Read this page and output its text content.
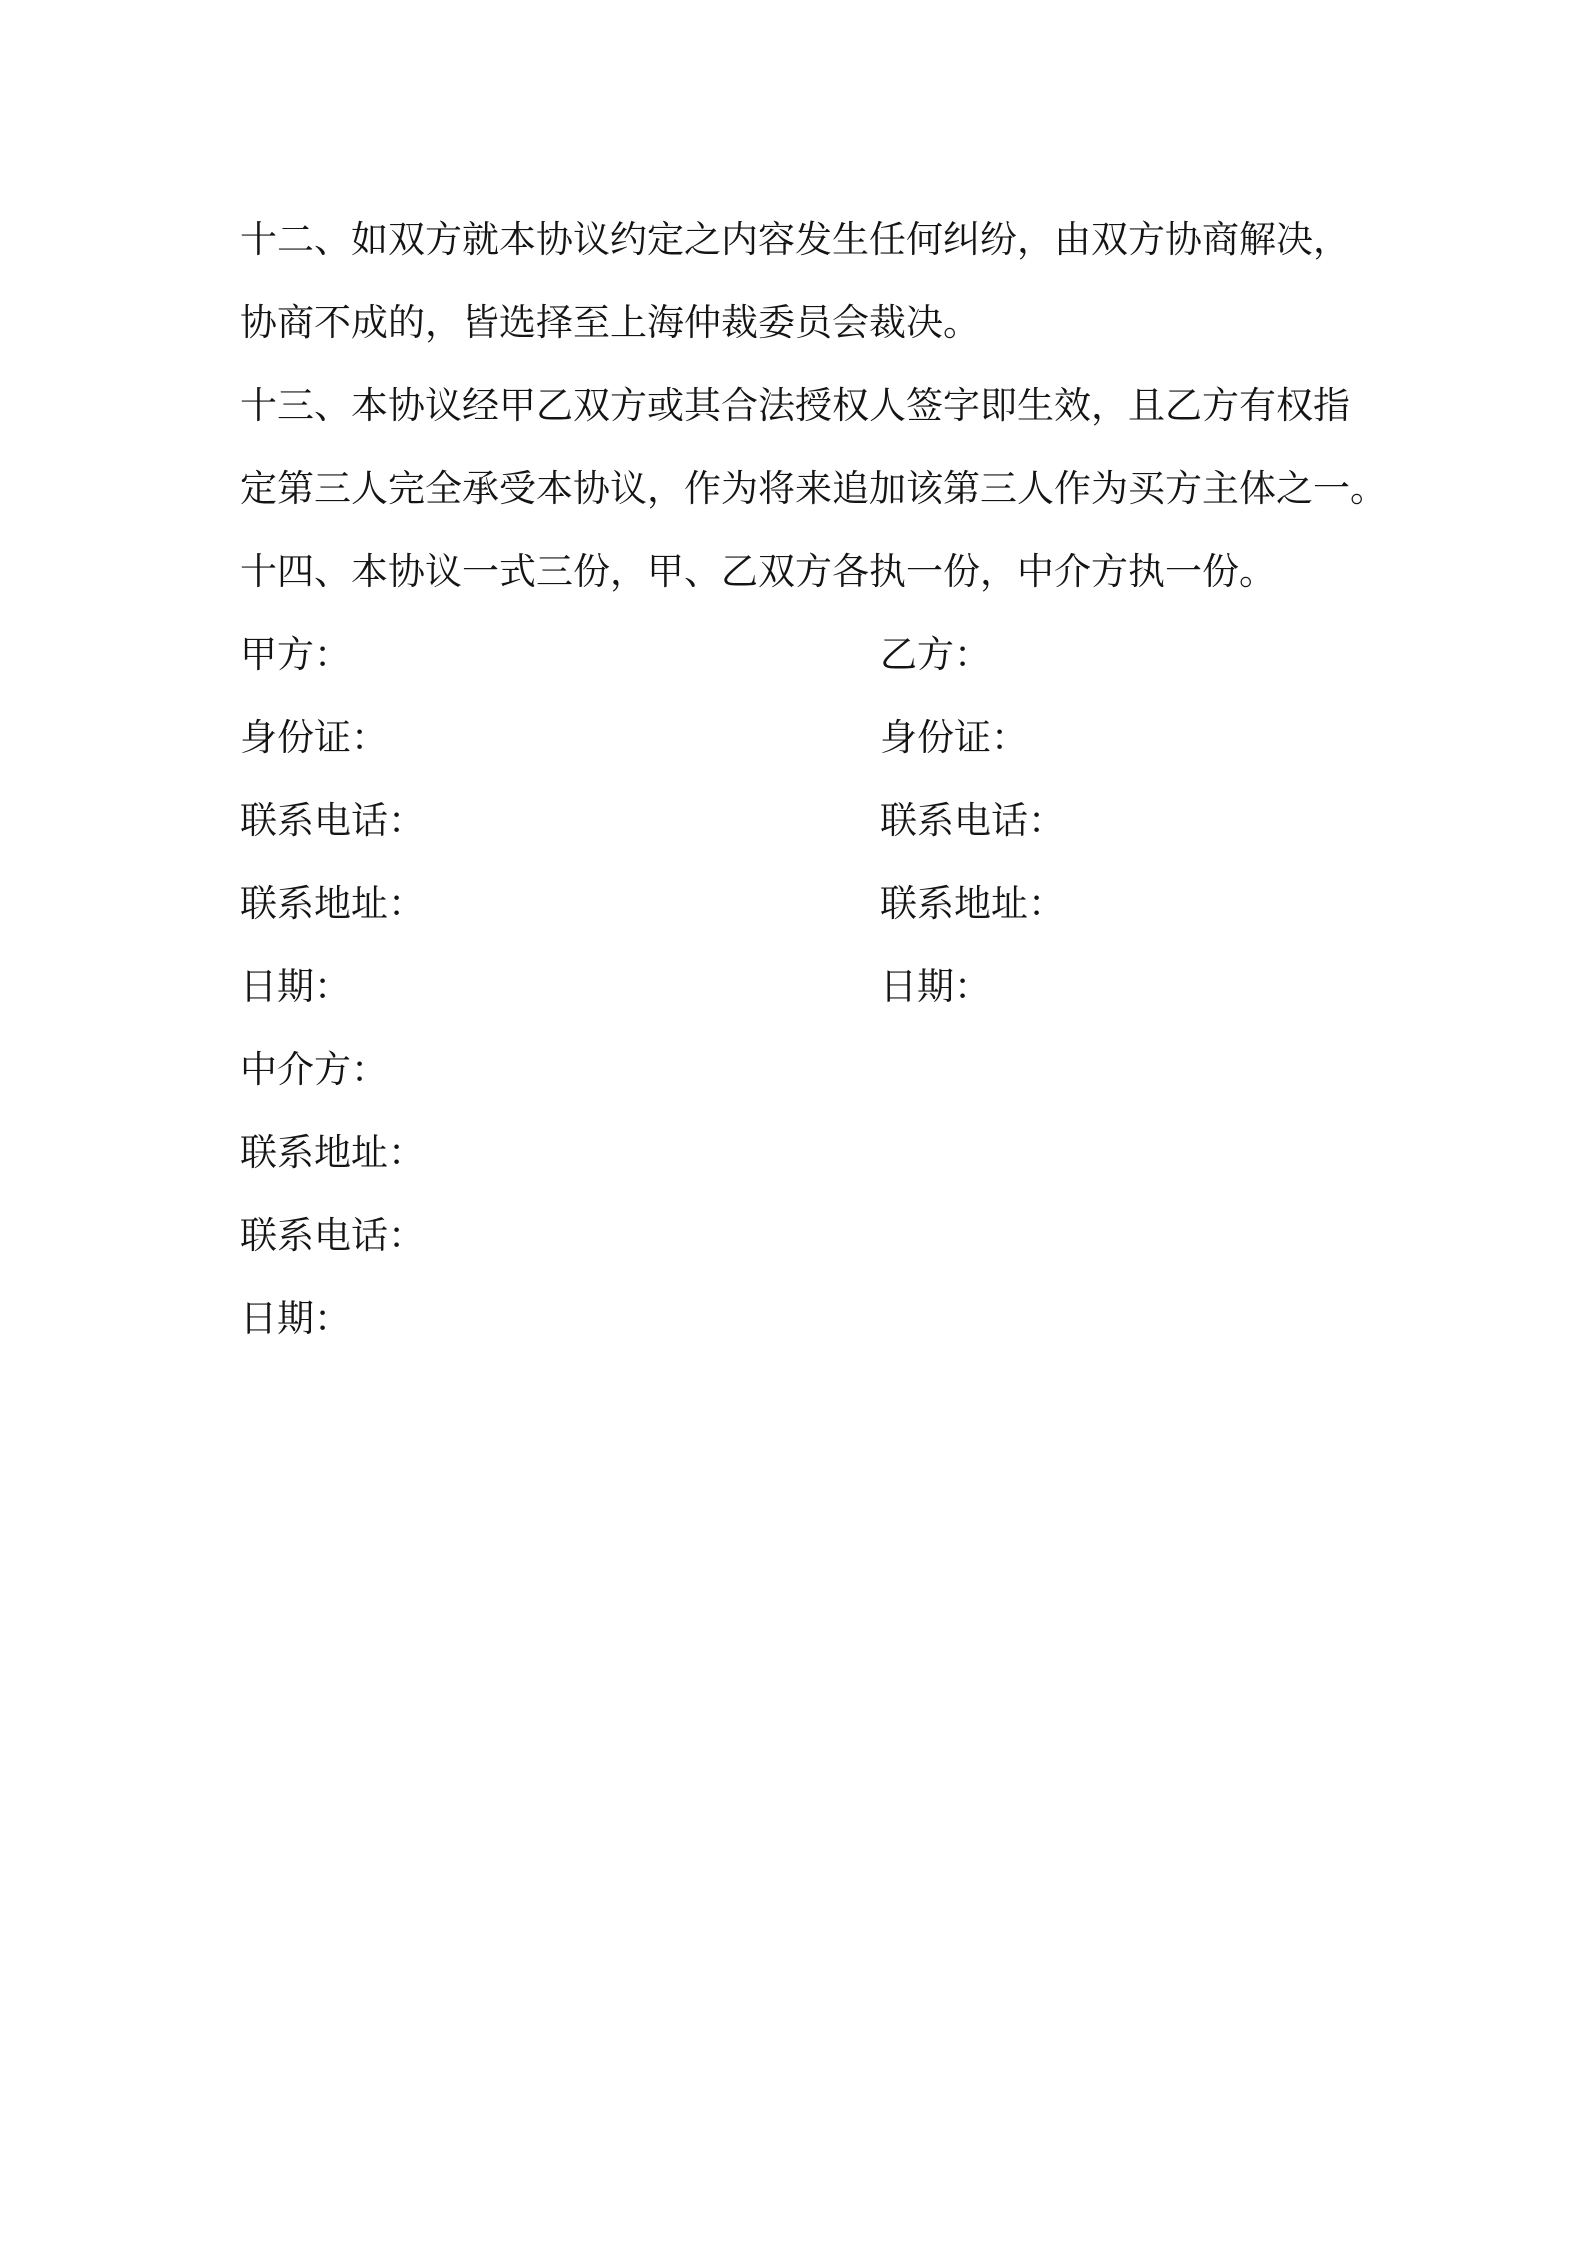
十二、如双方就本协议约定之内容发生任何纠纷，由双方协商解决，
协商不成的，皆选择至上海仲裁委员会裁决。
十三、本协议经甲乙双方或其合法授权人签字即生效，且乙方有权指
定第三人完全承受本协议，作为将来追加该第三人作为买方主体之一。
十四、本协议一式三份，甲、乙双方各执一份，中介方执一份。
甲方：	乙方：
身份证：	身份证：
联系电话：	联系电话：
联系地址：	联系地址：
日期：	日期：
中介方：
联系地址：
联系电话：
日期：
